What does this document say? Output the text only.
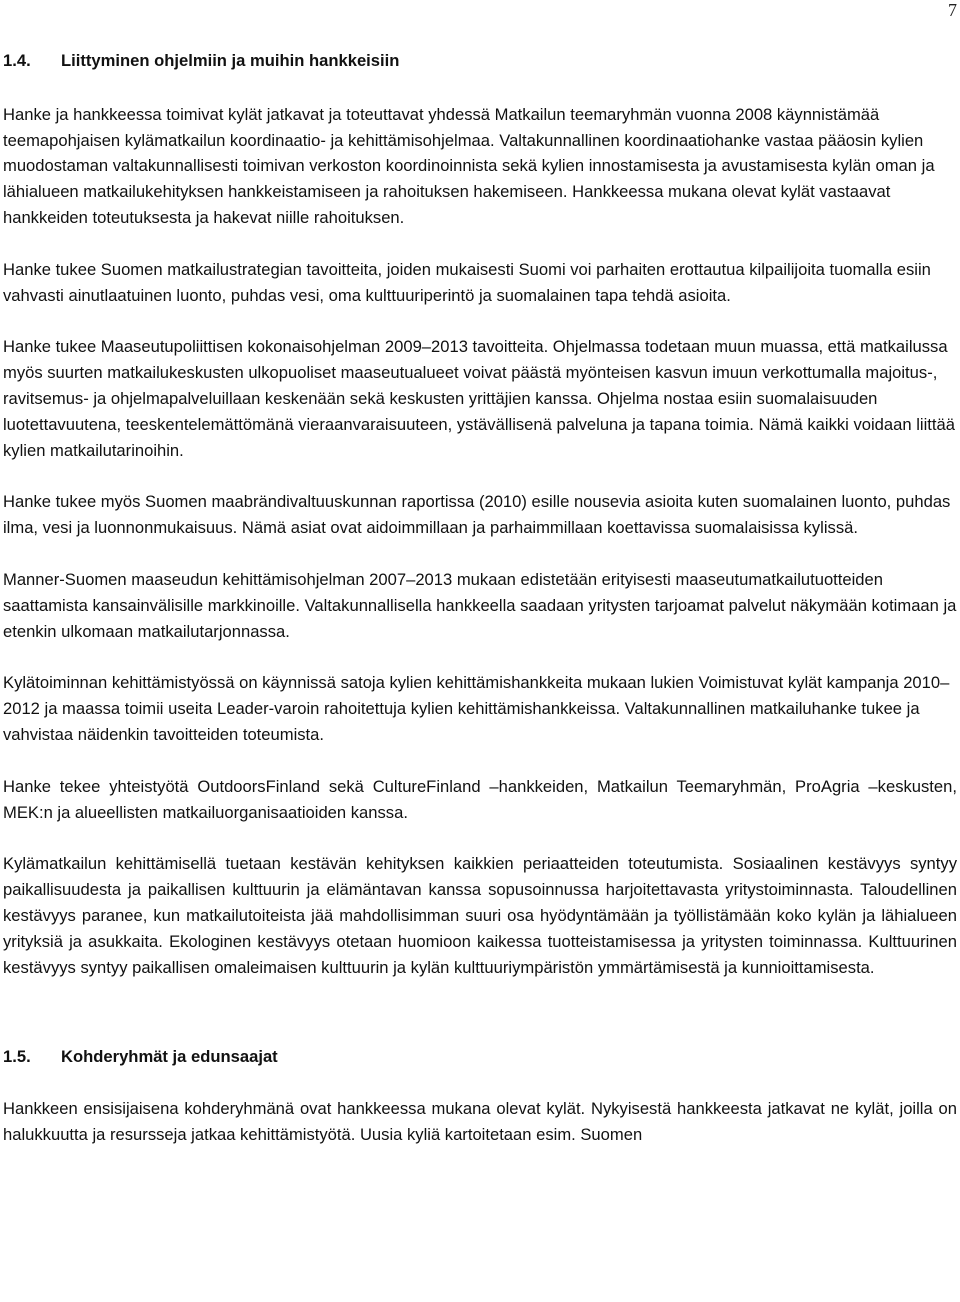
7
1.4.	Liittyminen ohjelmiin ja muihin hankkeisiin

Hanke ja hankkeessa toimivat kylät jatkavat ja toteuttavat yhdessä Matkailun teemaryhmän vuonna 2008 käynnistämää teemapohjaisen kylämatkailun koordinaatio- ja kehittämisohjelmaa. Valtakunnallinen koordinaatiohanke vastaa pääosin kylien muodostaman valtakunnallisesti toimivan verkoston koordinoinnista sekä kylien innostamisesta ja avustamisesta kylän oman ja lähialueen matkailukehityksen hankkeistamiseen ja rahoituksen hakemiseen. Hankkeessa mukana olevat kylät vastaavat hankkeiden toteutuksesta ja hakevat niille rahoituksen.

Hanke tukee Suomen matkailustrategian tavoitteita, joiden mukaisesti Suomi voi parhaiten erottautua kilpailijoita tuomalla esiin vahvasti ainutlaatuinen luonto, puhdas vesi, oma kulttuuriperintö ja suomalainen tapa tehdä asioita.

Hanke tukee Maaseutupoliittisen kokonaisohjelman 2009–2013 tavoitteita. Ohjelmassa todetaan muun muassa, että matkailussa myös suurten matkailukeskusten ulkopuoliset maaseutualueet voivat päästä myönteisen kasvun imuun verkottumalla majoitus-, ravitsemus- ja ohjelmapalveluillaan keskenään sekä keskusten yrittäjien kanssa. Ohjelma nostaa esiin suomalaisuuden luotettavuutena, teeskentelemättömänä vieraanvaraisuuteen, ystävällisenä palveluna ja tapana toimia. Nämä kaikki voidaan liittää kylien matkailutarinoihin.

Hanke tukee myös Suomen maabrändivaltuuskunnan raportissa (2010) esille nousevia asioita kuten suomalainen luonto, puhdas ilma, vesi ja luonnonmukaisuus. Nämä asiat ovat aidoimmillaan ja parhaimmillaan koettavissa suomalaisissa kylissä.

Manner-Suomen maaseudun kehittämisohjelman 2007–2013 mukaan edistetään erityisesti maaseutumatkailutuotteiden saattamista kansainvälisille markkinoille. Valtakunnallisella hankkeella saadaan yritysten tarjoamat palvelut näkymään kotimaan ja etenkin ulkomaan matkailutarjonnassa.

Kylätoiminnan kehittämistyössä on käynnissä satoja kylien kehittämishankkeita mukaan lukien Voimistuvat kylät kampanja 2010–2012 ja maassa toimii useita Leader-varoin rahoitettuja kylien kehittämishankkeissa. Valtakunnallinen matkailuhanke tukee ja vahvistaa näidenkin tavoitteiden toteumista.

Hanke tekee yhteistyötä OutdoorsFinland sekä CultureFinland –hankkeiden, Matkailun Teemaryhmän, ProAgria –keskusten, MEK:n ja alueellisten matkailuorganisaatioiden kanssa.

Kylämatkailun kehittämisellä tuetaan kestävän kehityksen kaikkien periaatteiden toteutumista. Sosiaalinen kestävyys syntyy paikallisuudesta ja paikallisen kulttuurin ja elämäntavan kanssa sopusoinnussa harjoitettavasta yritystoiminnasta. Taloudellinen kestävyys paranee, kun matkailutoiteista jää mahdollisimman suuri osa hyödyntämään ja työllistämään koko kylän ja lähialueen yrityksiä ja asukkaita. Ekologinen kestävyys otetaan huomioon kaikessa tuotteistamisessa ja yritysten toiminnassa. Kulttuurinen kestävyys syntyy paikallisen omaleimaisen kulttuurin ja kylän kulttuuriympäristön ymmärtämisestä ja kunnioittamisesta.

1.5.	Kohderyhmät ja edunsaajat

Hankkeen ensisijaisena kohderyhmänä ovat hankkeessa mukana olevat kylät. Nykyisestä hankkeesta jatkavat ne kylät, joilla on halukkuutta ja resursseja jatkaa kehittämistyötä. Uusia kyliä kartoitetaan esim. Suomen
